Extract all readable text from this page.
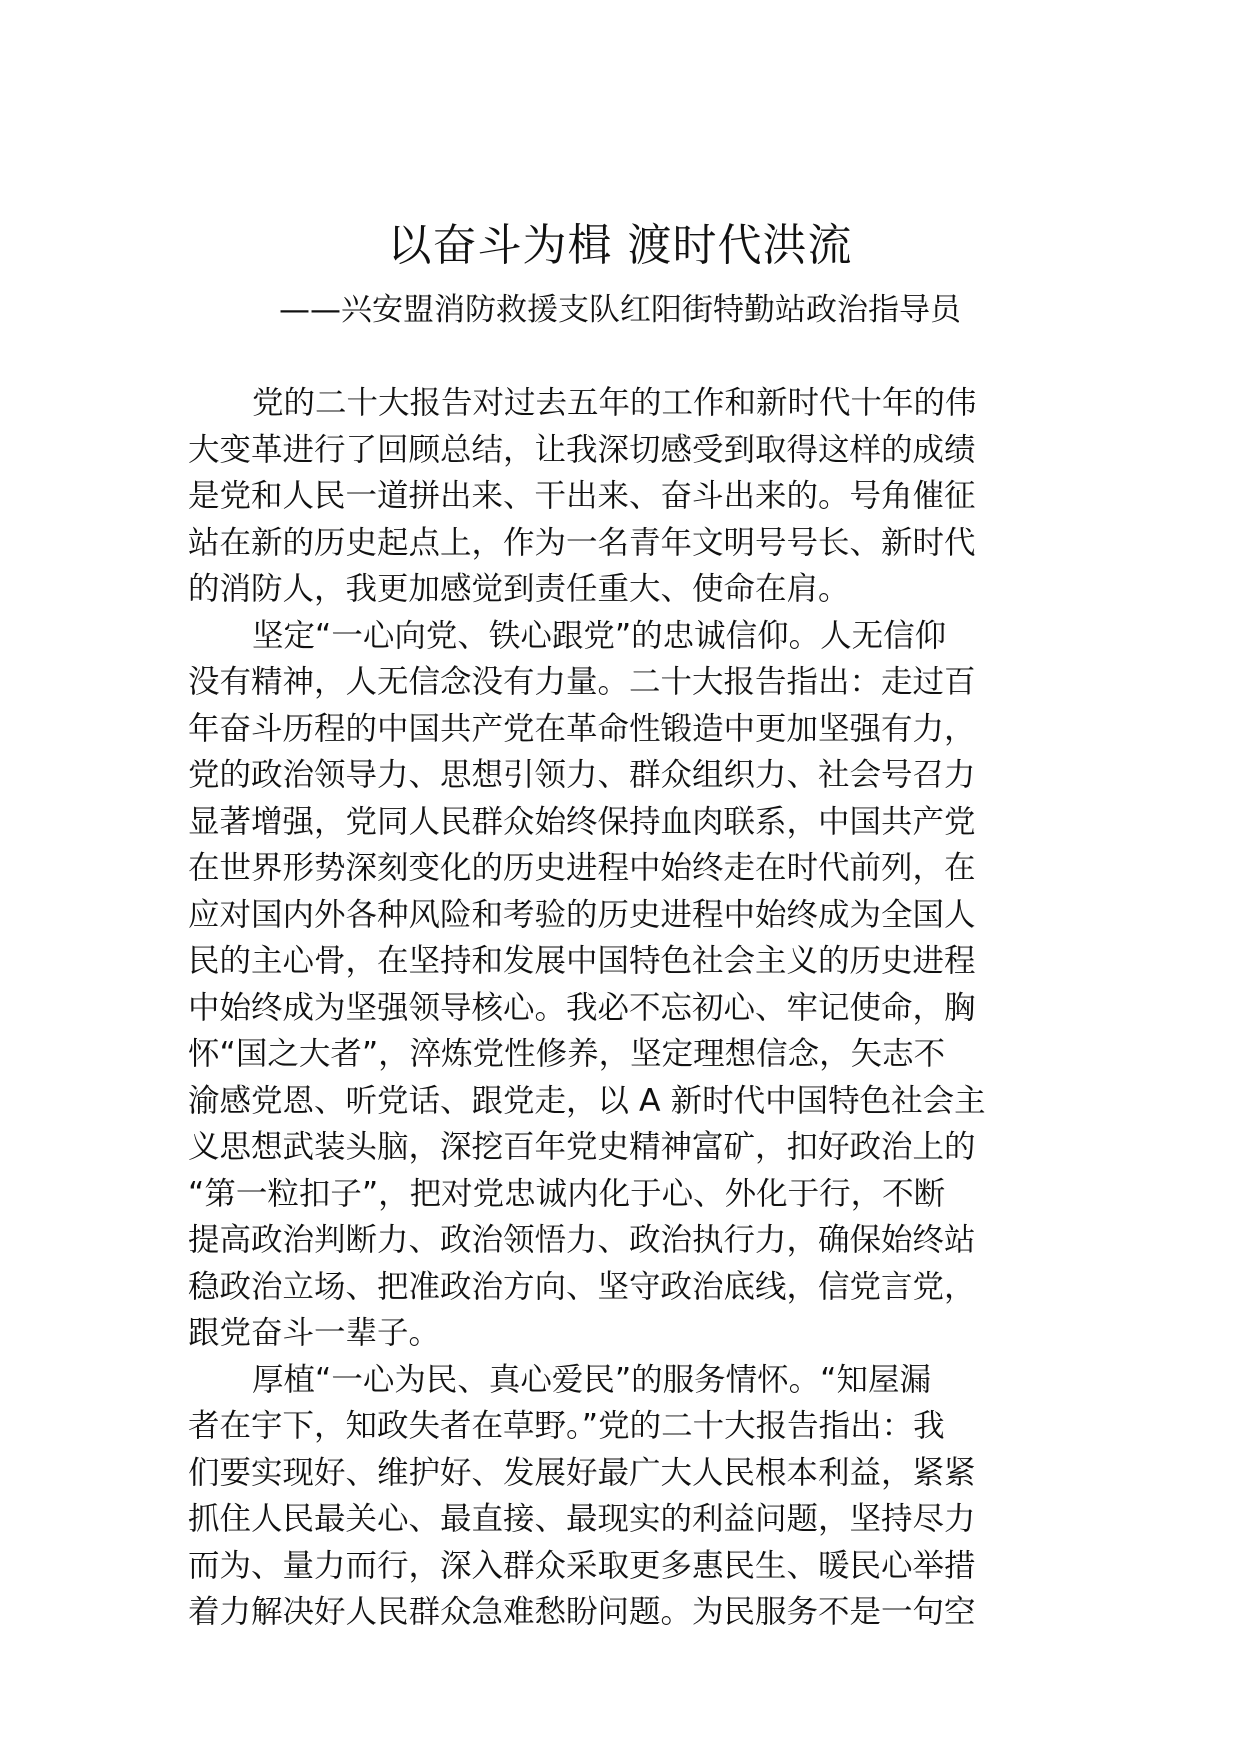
以奋斗为楫 渡时代洪流
——兴安盟消防救援支队红阳街特勤站政治指导员
党的二十大报告对过去五年的工作和新时代十年的伟
大变革进行了回顾总结，让我深切感受到取得这样的成绩
是党和人民一道拼出来、干出来、奋斗出来的。号角催征
站在新的历史起点上，作为一名青年文明号号长、新时代
的消防人，我更加感觉到责任重大、使命在肩。
坚定“一心向党、铁心跟党”的忠诚信仰。人无信仰
没有精神，人无信念没有力量。二十大报告指出：走过百
年奋斗历程的中国共产党在革命性锻造中更加坚强有力，
党的政治领导力、思想引领力、群众组织力、社会号召力
显著增强，党同人民群众始终保持血肉联系，中国共产党
在世界形势深刻变化的历史进程中始终走在时代前列，在
应对国内外各种风险和考验的历史进程中始终成为全国人
民的主心骨，在坚持和发展中国特色社会主义的历史进程
中始终成为坚强领导核心。我必不忘初心、牢记使命，胸
怀“国之大者”，淬炼党性修养，坚定理想信念，矢志不
渝感党恩、听党话、跟党走，以 A 新时代中国特色社会主
义思想武装头脑，深挖百年党史精神富矿，扣好政治上的
“第一粒扣子”，把对党忠诚内化于心、外化于行，不断
提高政治判断力、政治领悟力、政治执行力，确保始终站
稳政治立场、把准政治方向、坚守政治底线，信党言党，
跟党奋斗一辈子。
厚植“一心为民、真心爱民”的服务情怀。“知屋漏
者在宇下，知政失者在草野。”党的二十大报告指出：我
们要实现好、维护好、发展好最广大人民根本利益，紧紧
抓住人民最关心、最直接、最现实的利益问题，坚持尽力
而为、量力而行，深入群众采取更多惠民生、暖民心举措
着力解决好人民群众急难愁盼问题。为民服务不是一句空
